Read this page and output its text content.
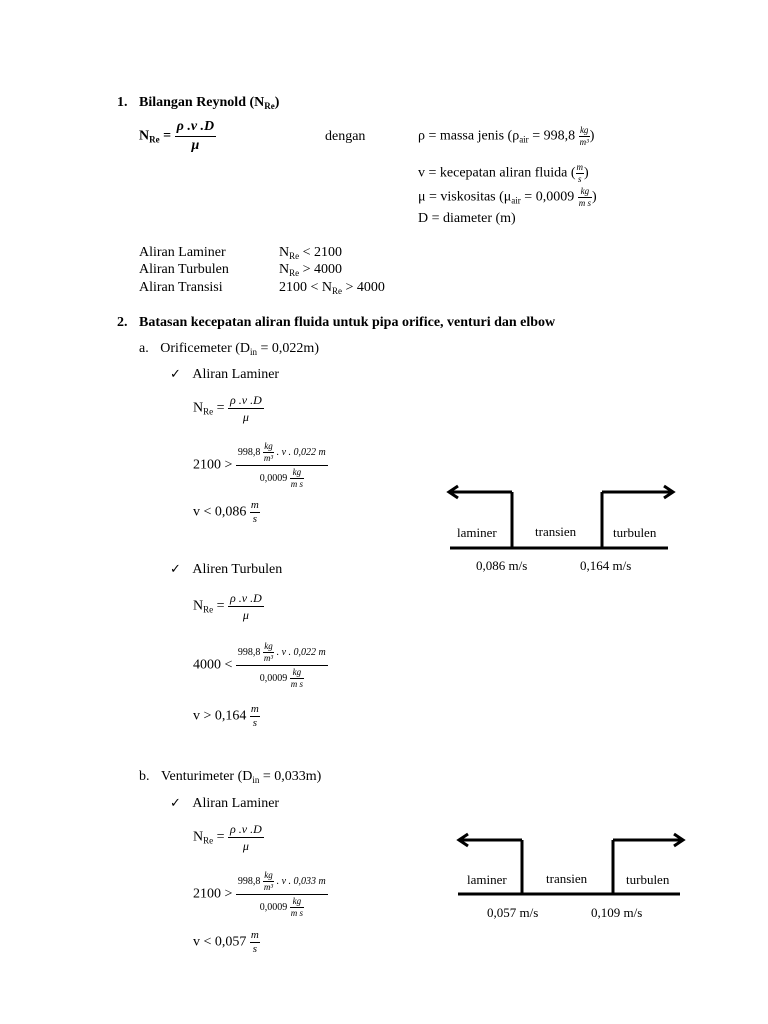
1. Bilangan Reynold $(N_{Re})$
$N_{Re} = \frac{\rho .v .D}{\mu}$	dengan	ρ = massa jenis ($\rho_{air} = 998,8 \frac{kg}{\text{m³}}$ )
v = kecepatan aliran fluida ( $\frac{m}{s}$ )
μ = viskositas ($\mu_{air} = 0,0009 \frac{kg}{\text{m s}}$ )
D = diameter (m)
Aliran Laminer	$N_{Re} < 2100$
Aliran Turbulen	$N_{Re} > 4000$
Aliran Transisi	$2100 < N_{Re} > 4000$
2. Batasan kecepatan aliran fluida untuk pipa orifice, venturi dan elbow
a. Orificemeter $(D_{in} = 0,022m)$
✓ Aliran Laminer
$N_{Re} = \frac{\rho .v .D}{\mu}$
$2100 > \frac{998,8 \frac{kg}{\text{m³}} . v . 0,022 m}{0,0009 \frac{kg}{\text{m s}}}$
$v < 0,086 \frac{m}{s}$
✓ Aliren Turbulen
$N_{Re} = \frac{\rho .v .D}{\mu}$
$4000 < \frac{998,8 \frac{kg}{\text{m³}} . v . 0,022 m}{0,0009 \frac{kg}{\text{m s}}}$
$v > 0,164 \frac{m}{s}$
laminer	transien	turbulen
0,086 m/s	0,164 m/s
b. Venturimeter $(D_{in} = 0,033m)$
✓ Aliran Laminer
$N_{Re} = \frac{\rho .v .D}{\mu}$
$2100 > \frac{998,8 \frac{kg}{\text{m³}} . v . 0,033 m}{0,0009 \frac{kg}{\text{m s}}}$
$v < 0,057 \frac{m}{s}$
laminer	transien	turbulen
0,057 m/s	0,109 m/s
